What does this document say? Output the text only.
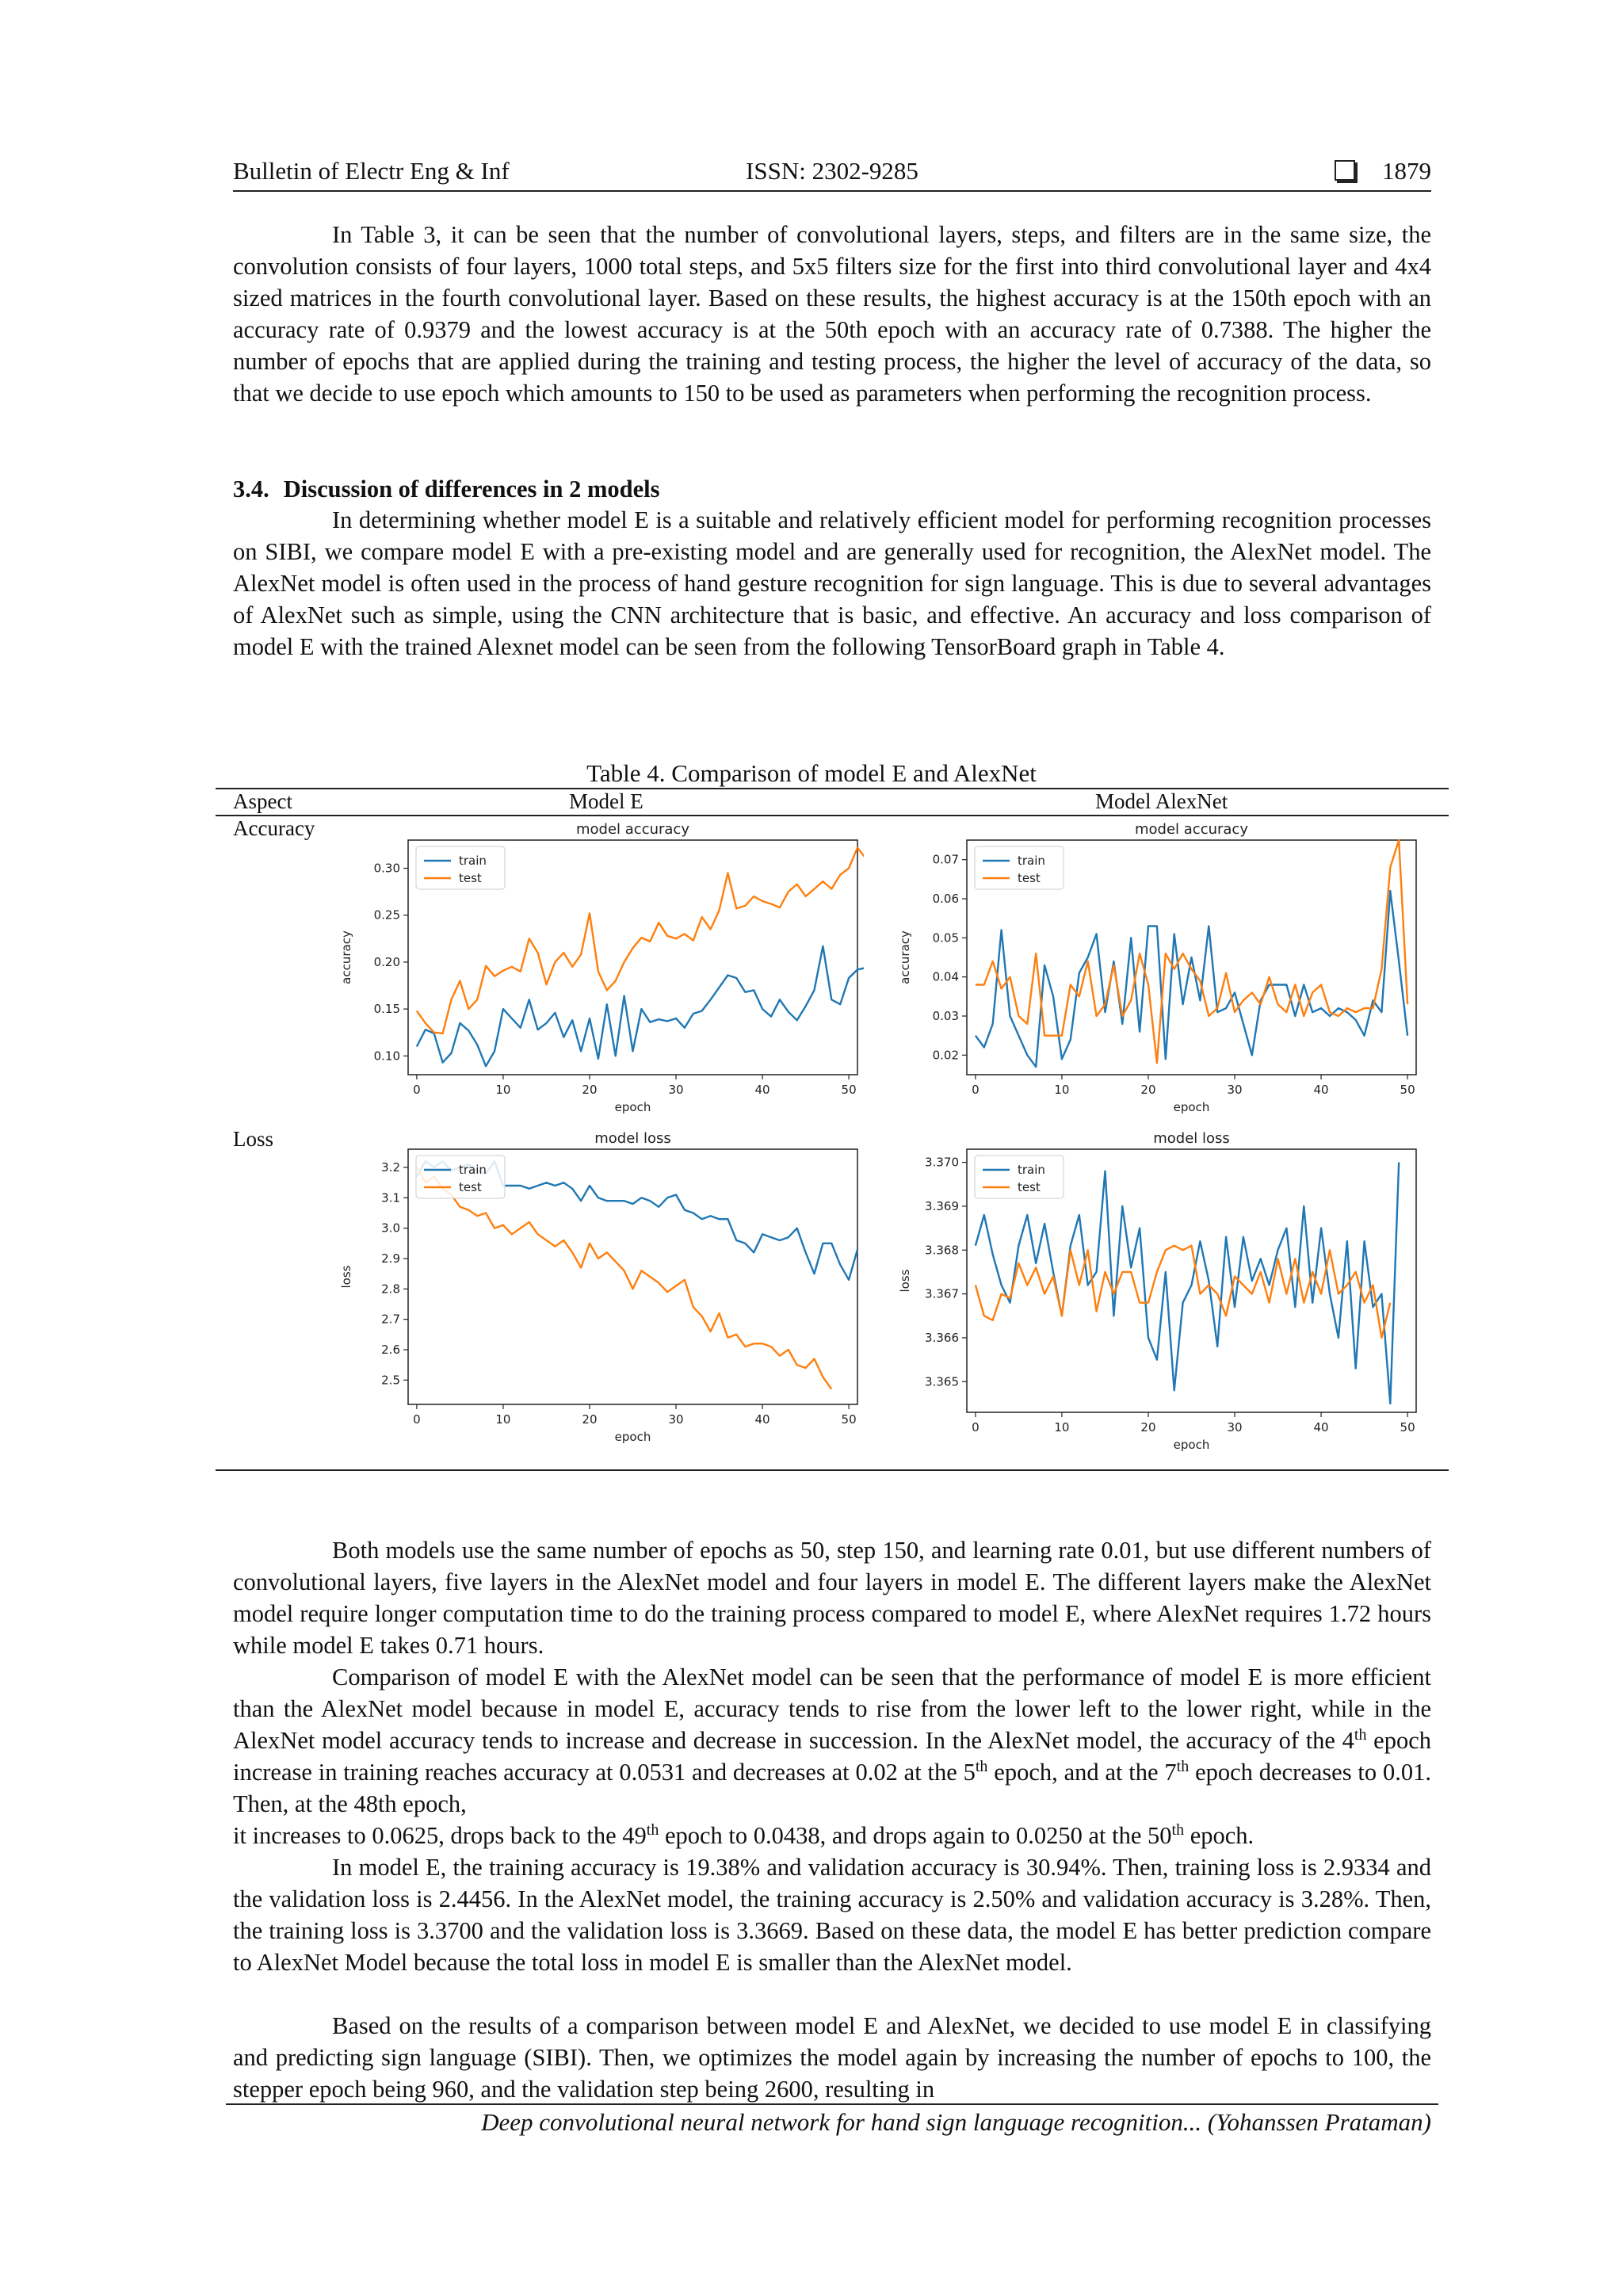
Bulletin of Electr Eng & Inf	ISSN: 2302-9285	1879

In Table 3, it can be seen that the number of convolutional layers, steps, and filters are in the same size, the convolution consists of four layers, 1000 total steps, and 5x5 filters size for the first into third convolutional layer and 4x4 sized matrices in the fourth convolutional layer. Based on these results, the highest accuracy is at the 150th epoch with an accuracy rate of 0.9379 and the lowest accuracy is at the 50th epoch with an accuracy rate of 0.7388. The higher the number of epochs that are applied during the training and testing process, the higher the level of accuracy of the data, so that we decide to use epoch which amounts to 150 to be used as parameters when performing the recognition process.

3.4. Discussion of differences in 2 models

In determining whether model E is a suitable and relatively efficient model for performing recognition processes on SIBI, we compare model E with a pre-existing model and are generally used for recognition, the AlexNet model. The AlexNet model is often used in the process of hand gesture recognition for sign language. This is due to several advantages of AlexNet such as simple, using the CNN architecture that is basic, and effective. An accuracy and loss comparison of model E with the trained Alexnet model can be seen from the following TensorBoard graph in Table 4.

Table 4. Comparison of model E and AlexNet
Aspect	Model E	Model AlexNet
Accuracy
Loss
model accuracy
0	10	20	30	40	50
0.10
0.15
0.20
0.25
0.30
epoch
accuracy
train
test
model accuracy
0	10	20	30	40	50
0.02
0.03
0.04
0.05
0.06
0.07
epoch
accuracy
train
test
model loss
0	10	20	30	40	50
2.5
2.6
2.7
2.8
2.9
3.0
3.1
3.2
epoch
loss
train
test
model loss
0	10	20	30	40	50
3.365
3.366
3.367
3.368
3.369
3.370
epoch
loss
train
test

Both models use the same number of epochs as 50, step 150, and learning rate 0.01, but use different numbers of convolutional layers, five layers in the AlexNet model and four layers in model E. The different layers make the AlexNet model require longer computation time to do the training process compared to model E, where AlexNet requires 1.72 hours while model E takes 0.71 hours.

Comparison of model E with the AlexNet model can be seen that the performance of model E is more efficient than the AlexNet model because in model E, accuracy tends to rise from the lower left to the lower right, while in the AlexNet model accuracy tends to increase and decrease in succession. In the AlexNet model, the accuracy of the 4th epoch increase in training reaches accuracy at 0.0531 and decreases at 0.02 at the 5th epoch, and at the 7th epoch decreases to 0.01. Then, at the 48th epoch,
it increases to 0.0625, drops back to the 49th epoch to 0.0438, and drops again to 0.0250 at the 50th epoch.

In model E, the training accuracy is 19.38% and validation accuracy is 30.94%. Then, training loss is 2.9334 and the validation loss is 2.4456. In the AlexNet model, the training accuracy is 2.50% and validation accuracy is 3.28%. Then, the training loss is 3.3700 and the validation loss is 3.3669. Based on these data, the model E has better prediction compare to AlexNet Model because the total loss in model E is smaller than the AlexNet model.

Based on the results of a comparison between model E and AlexNet, we decided to use model E in classifying and predicting sign language (SIBI). Then, we optimizes the model again by increasing the number of epochs to 100, the stepper epoch being 960, and the validation step being 2600, resulting in

Deep convolutional neural network for hand sign language recognition... (Yohanssen Prataman)
